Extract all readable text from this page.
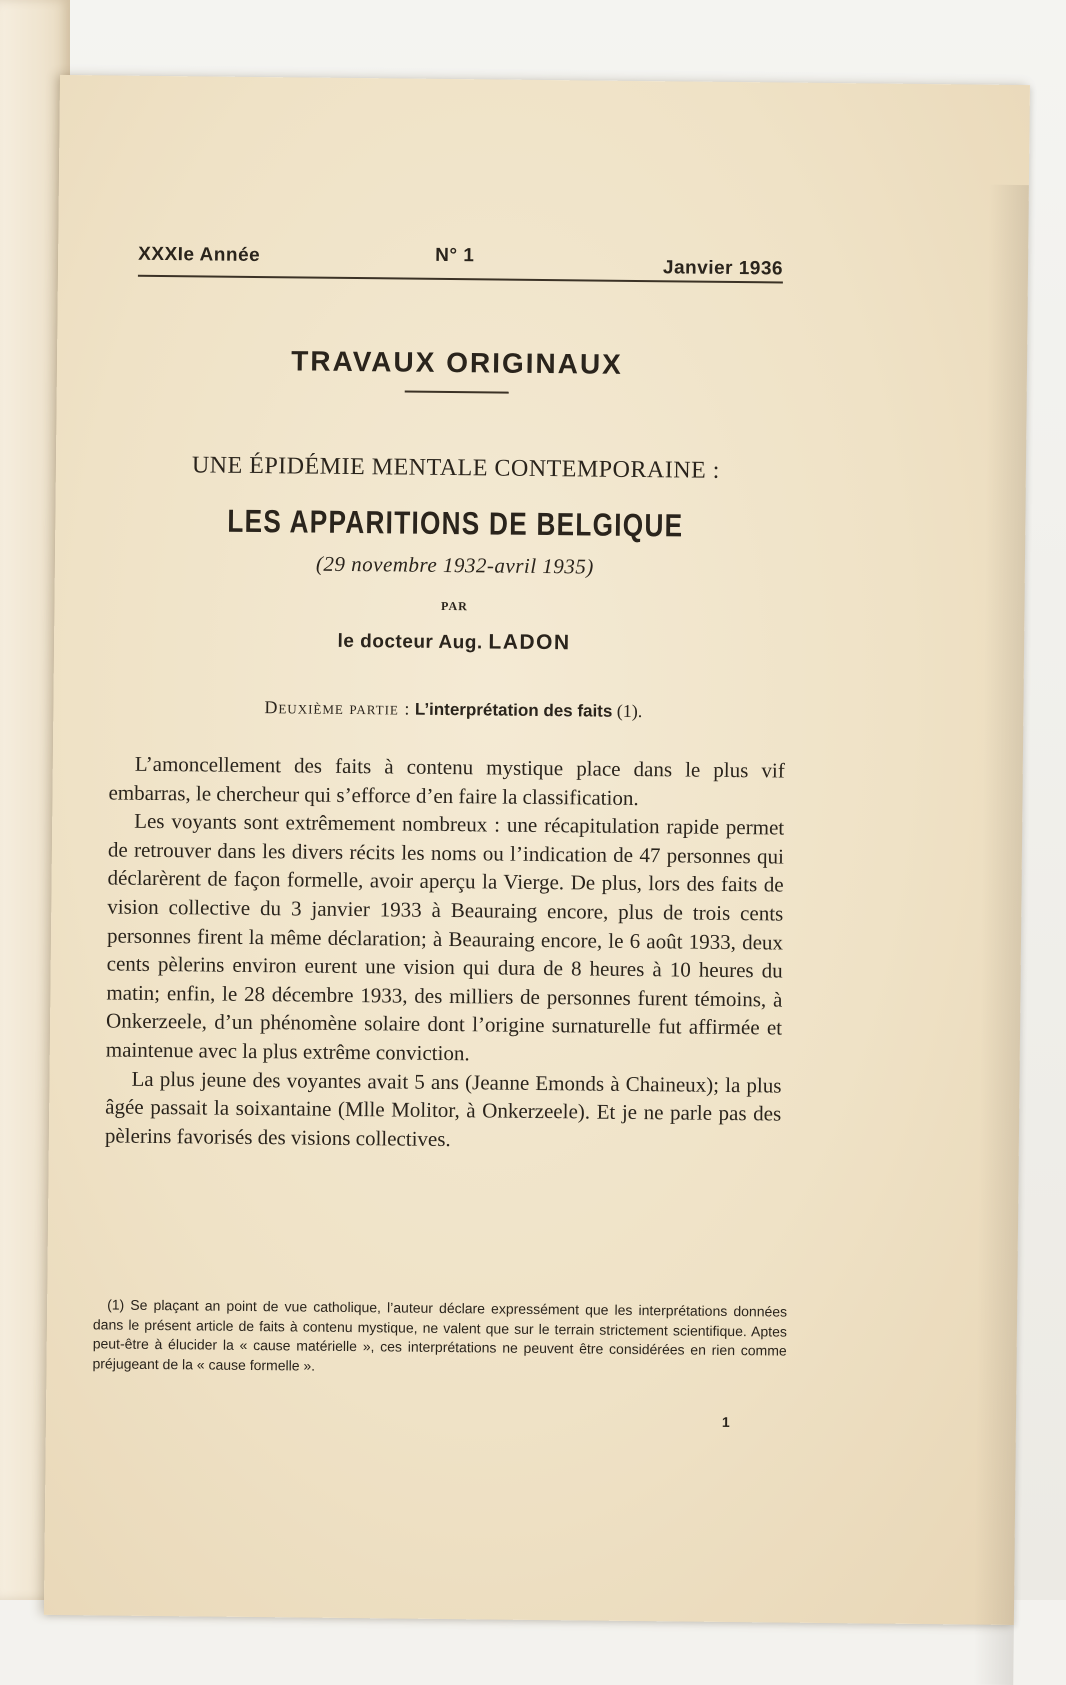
XXXIe Année	N° 1
Janvier 1936
TRAVAUX ORIGINAUX
UNE ÉPIDÉMIE MENTALE CONTEMPORAINE :
LES APPARITIONS DE BELGIQUE
(29 novembre 1932-avril 1935)
PAR
le docteur Aug. LADON
Deuxième partie : L’interprétation des faits (1).

L’amoncellement des faits à contenu mystique place dans le plus vif embarras, le chercheur qui s’efforce d’en faire la classification.

Les voyants sont extrêmement nombreux : une récapitulation rapide permet de retrouver dans les divers récits les noms ou l’indication de 47 personnes qui déclarèrent de façon formelle, avoir aperçu la Vierge. De plus, lors des faits de vision collective du 3 janvier 1933 à Beauraing encore, plus de trois cents personnes firent la même déclaration; à Beauraing encore, le 6 août 1933, deux cents pèlerins environ eurent une vision qui dura de 8 heures à 10 heures du matin; enfin, le 28 décembre 1933, des milliers de personnes furent témoins, à Onkerzeele, d’un phénomène solaire dont l’origine surnaturelle fut affirmée et maintenue avec la plus extrême conviction.

La plus jeune des voyantes avait 5 ans (Jeanne Emonds à Chaineux); la plus âgée passait la soixantaine (Mlle Molitor, à Onkerzeele). Et je ne parle pas des pèlerins favorisés des visions collectives.

(1) Se plaçant an point de vue catholique, l’auteur déclare expressément que les interprétations données dans le présent article de faits à contenu mystique, ne valent que sur le terrain strictement scientifique. Aptes peut-être à élucider la « cause matérielle », ces interprétations ne peuvent être considérées en rien comme préjugeant de la « cause formelle ».

1
